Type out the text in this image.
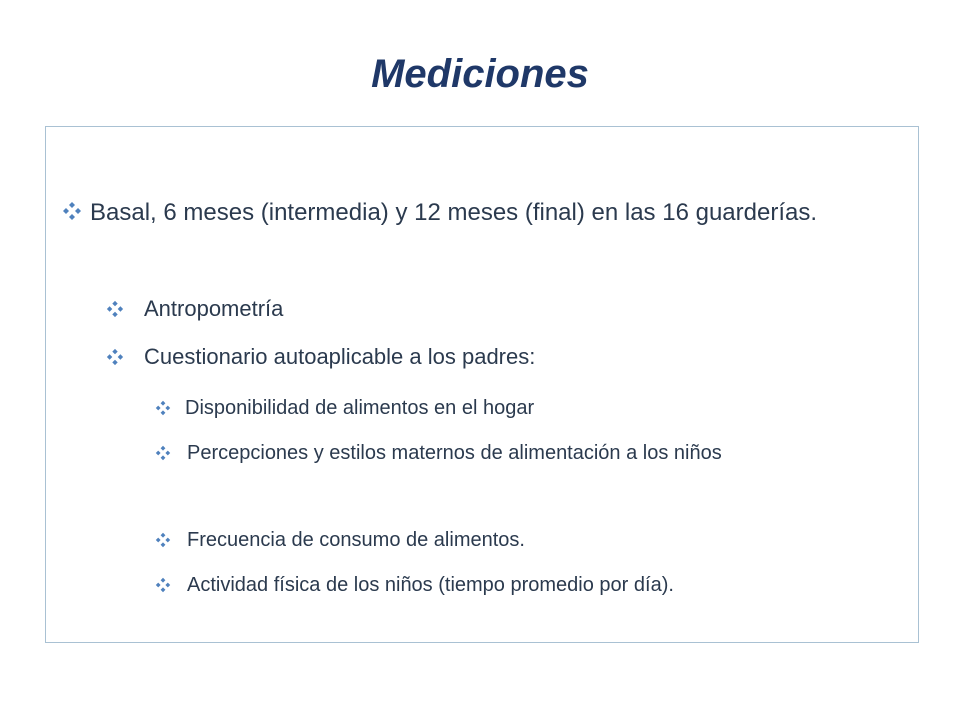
Mediciones
Basal, 6 meses (intermedia) y 12 meses (final) en las 16 guarderías.
Antropometría
Cuestionario autoaplicable a los padres:
Disponibilidad de alimentos en el hogar
Percepciones y estilos maternos de alimentación a los niños
Frecuencia de consumo de alimentos.
Actividad física de los niños (tiempo promedio por día).
